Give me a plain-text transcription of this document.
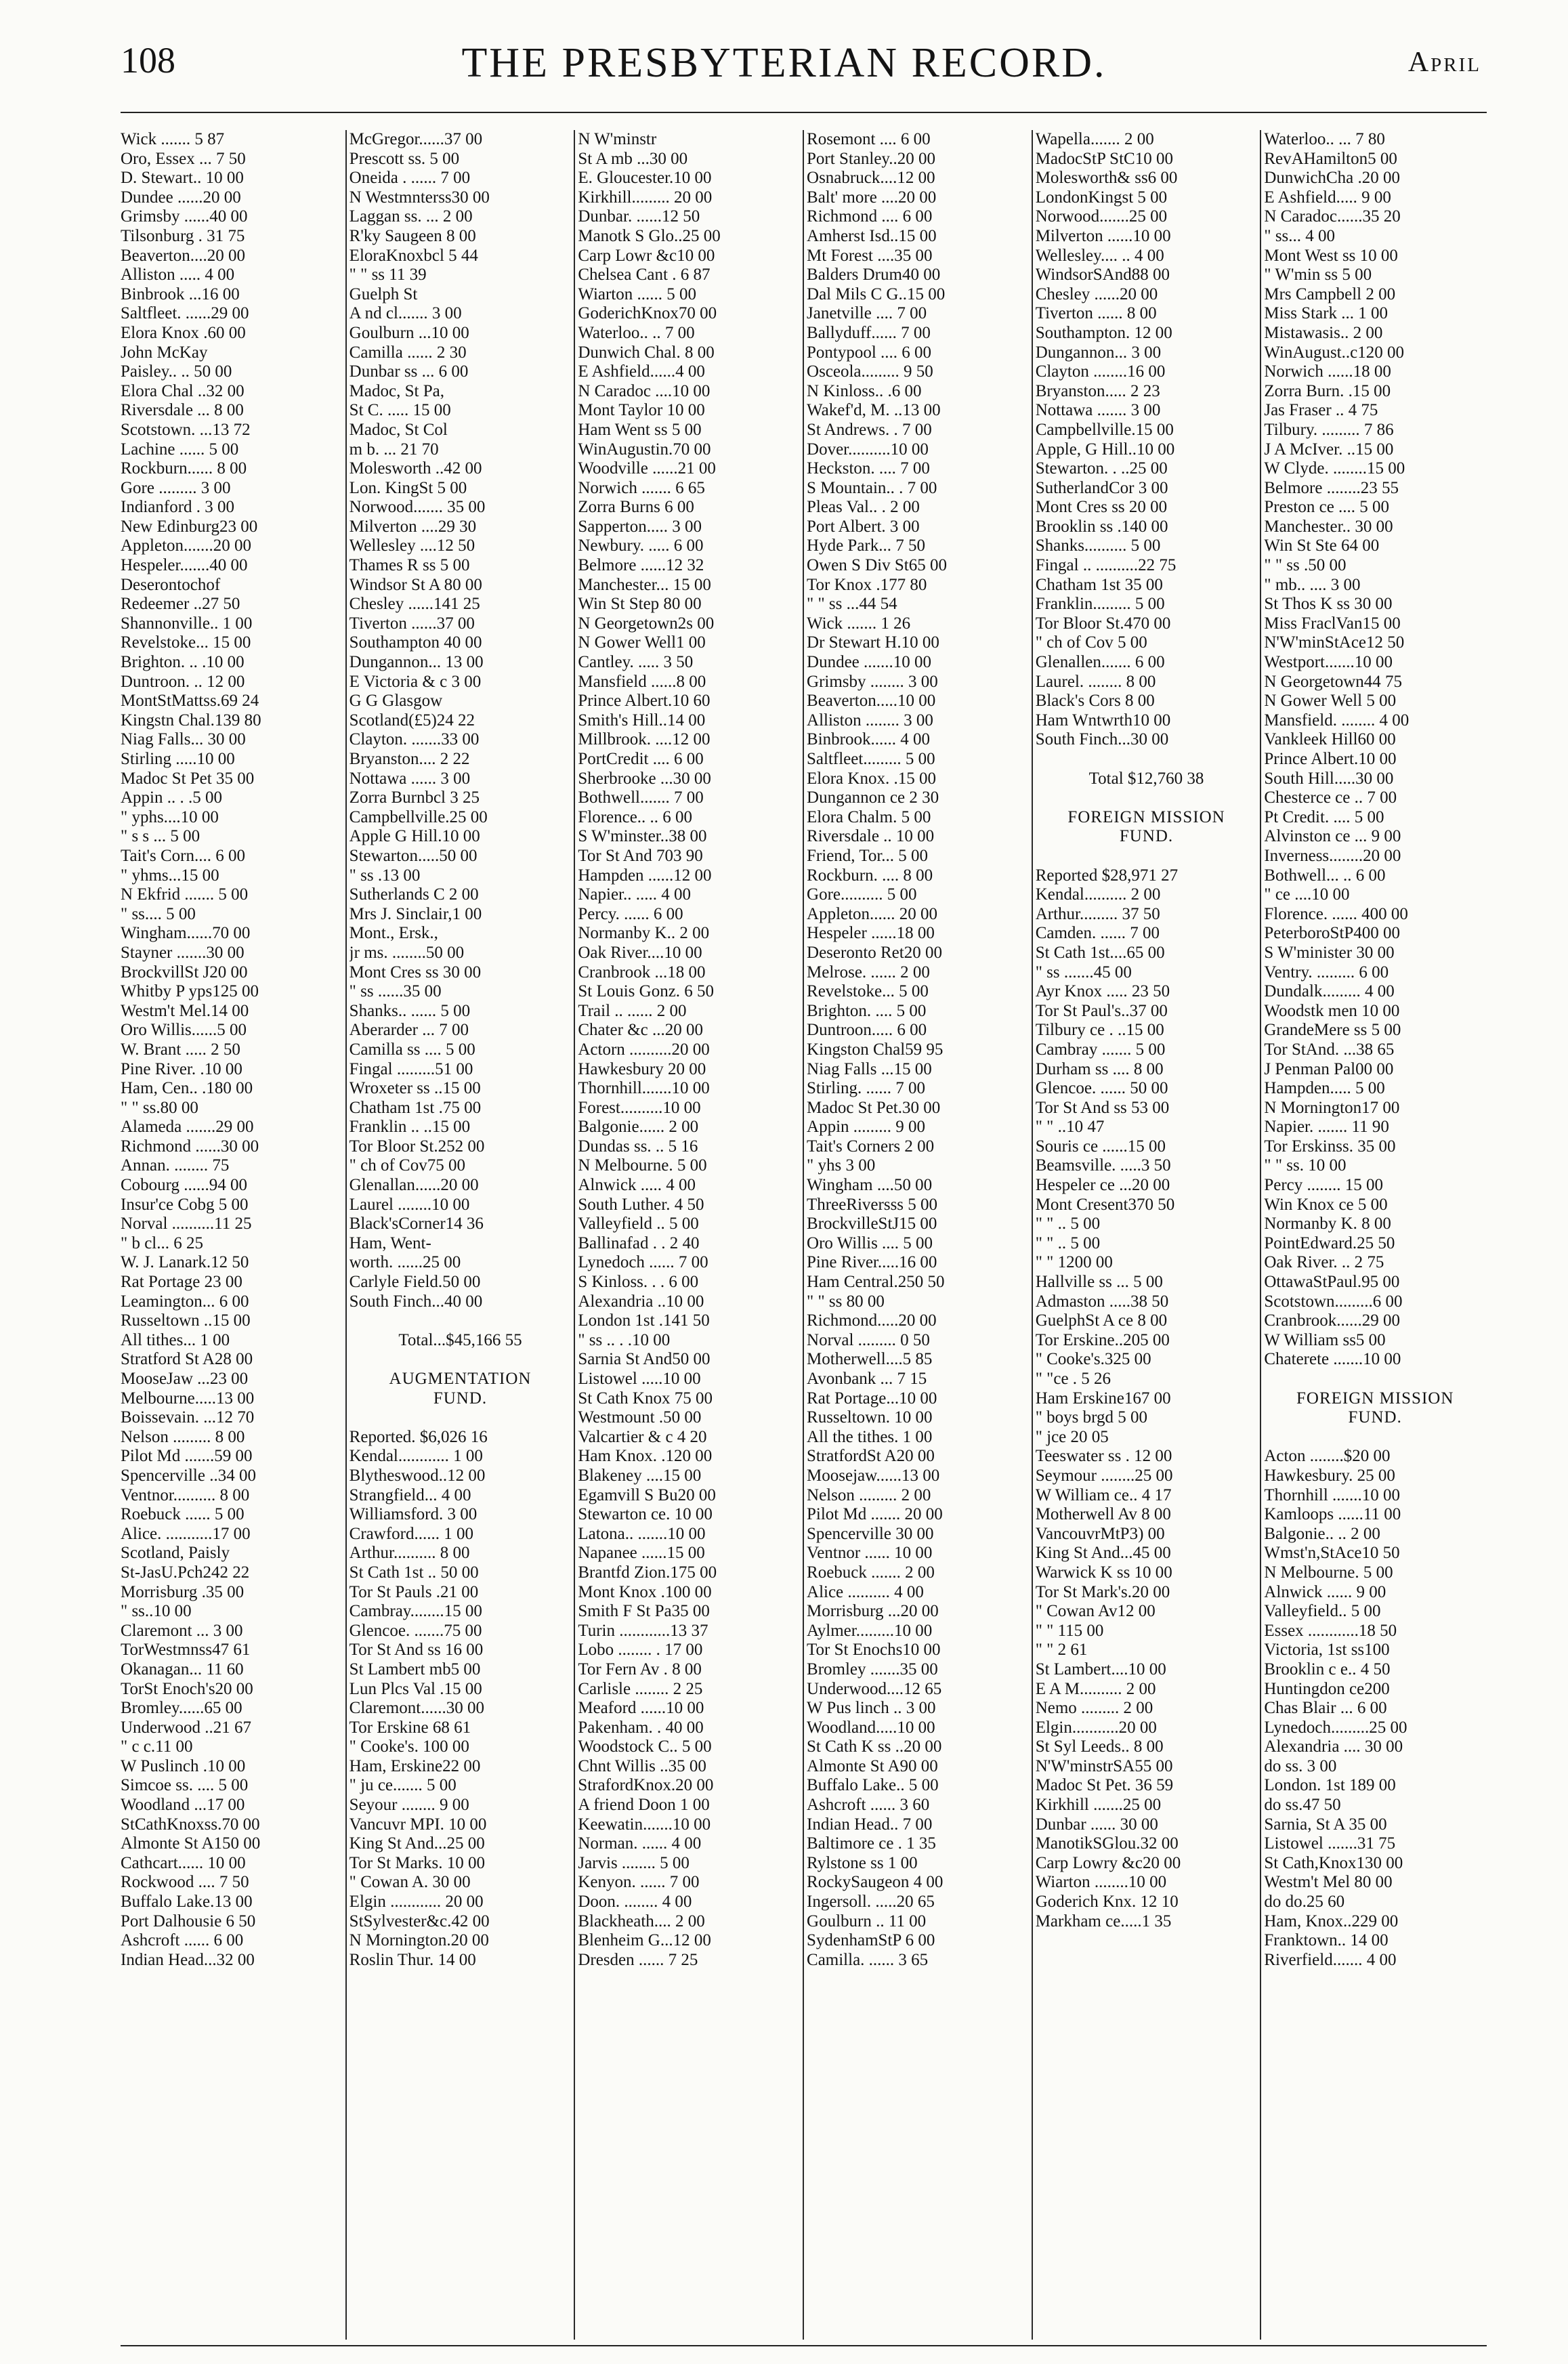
108	THE PRESBYTERIAN RECORD.	April
Wick ....... 5 87
Oro, Essex ... 7 50
D. Stewart.. 10 00
Dundee ......20 00
Grimsby ......40 00
Tilsonburg . 31 75
Beaverton....20 00
Alliston ..... 4 00
Binbrook ...16 00
Saltfleet. ......29 00
Elora Knox .60 00
John McKay
Paisley.. .. 50 00
Elora Chal ..32 00
Riversdale ... 8 00
Scotstown. ...13 72
Lachine ...... 5 00
Rockburn...... 8 00
Gore ......... 3 00
Indianford . 3 00
New Edinburg23 00
Appleton.......20 00
Hespeler.......40 00
Deserontochof
Redeemer ..27 50
Shannonville.. 1 00
Revelstoke... 15 00
Brighton. .. .10 00
Duntroon. .. 12 00
MontStMattss.69 24
Kingstn Chal.139 80
Niag Falls... 30 00
Stirling .....10 00
Madoc St Pet 35 00
Appin .. . .5 00
" yphs....10 00
" s s ... 5 00
Tait's Corn.... 6 00
" yhms...15 00
N Ekfrid ....... 5 00
" ss.... 5 00
Wingham......70 00
Stayner .......30 00
BrockvillSt J20 00
Whitby P yps125 00
Westm't Mel.14 00
Oro Willis......5 00
W. Brant ..... 2 50
Pine River. .10 00
Ham, Cen.. .180 00
" " ss.80 00
Alameda .......29 00
Richmond ......30 00
Annan. ........ 75
Cobourg ......94 00
Insur'ce Cobg 5 00
Norval ..........11 25
" b cl... 6 25
W. J. Lanark.12 50
Rat Portage 23 00
Leamington... 6 00
Russeltown ..15 00
All tithes... 1 00
Stratford St A28 00
MooseJaw ...23 00
Melbourne.....13 00
Boissevain. ...12 70
Nelson ......... 8 00
Pilot Md .......59 00
Spencerville ..34 00
Ventnor.......... 8 00
Roebuck ...... 5 00
Alice. ...........17 00
Scotland, Paisly
St-JasU.Pch242 22
Morrisburg .35 00
" ss..10 00
Claremont ... 3 00
TorWestmnss47 61
Okanagan... 11 60
TorSt Enoch's20 00
Bromley......65 00
Underwood ..21 67
" c c.11 00
W Puslinch .10 00
Simcoe ss. .... 5 00
Woodland ...17 00
StCathKnoxss.70 00
Almonte St A150 00
Cathcart...... 10 00
Rockwood .... 7 50
Buffalo Lake.13 00
Port Dalhousie 6 50
Ashcroft ...... 6 00
Indian Head...32 00
McGregor......37 00
Prescott ss. 5 00
Oneida . ...... 7 00
N Westmnterss30 00
Laggan ss. ... 2 00
R'ky Saugeen 8 00
EloraKnoxbcl 5 44
" " ss 11 39
Guelph St
A nd cl....... 3 00
Goulburn ...10 00
Camilla ...... 2 30
Dunbar ss ... 6 00
Madoc, St Pa,
St C. ..... 15 00
Madoc, St Col
m b. ... 21 70
Molesworth ..42 00
Lon. KingSt 5 00
Norwood....... 35 00
Milverton ....29 30
Wellesley ....12 50
Thames R ss 5 00
Windsor St A 80 00
Chesley ......141 25
Tiverton ......37 00
Southampton 40 00
Dungannon... 13 00
E Victoria & c 3 00
G G Glasgow
Scotland(£5)24 22
Clayton. .......33 00
Bryanston.... 2 22
Nottawa ...... 3 00
Zorra Burnbcl 3 25
Campbellville.25 00
Apple G Hill.10 00
Stewarton.....50 00
" ss .13 00
Sutherlands C 2 00
Mrs J. Sinclair,1 00
Mont., Ersk.,
jr ms. ........50 00
Mont Cres ss 30 00
" ss ......35 00
Shanks.. ...... 5 00
Aberarder ... 7 00
Camilla ss .... 5 00
Fingal .........51 00
Wroxeter ss ..15 00
Chatham 1st .75 00
Franklin .. ..15 00
Tor Bloor St.252 00
" ch of Cov75 00
Glenallan......20 00
Laurel ........10 00
Black'sCorner14 36
Ham, Went-
worth. ......25 00
Carlyle Field.50 00
South Finch...40 00
Total...$45,166 55
AUGMENTATION
FUND.
Reported. $6,026 16
Kendal............ 1 00
Blytheswood..12 00
Strangfield... 4 00
Williamsford. 3 00
Crawford...... 1 00
Arthur.......... 8 00
St Cath 1st .. 50 00
Tor St Pauls .21 00
Cambray........15 00
Glencoe. .......75 00
Tor St And ss 16 00
St Lambert mb5 00
Lun Plcs Val .15 00
Claremont......30 00
Tor Erskine 68 61
" Cooke's. 100 00
Ham, Erskine22 00
" ju ce....... 5 00
Seyour ........ 9 00
Vancuvr MPI. 10 00
King St And...25 00
Tor St Marks. 10 00
" Cowan A. 30 00
Elgin ............ 20 00
StSylvester&c.42 00
N Mornington.20 00
Roslin Thur. 14 00
N W'minstr
St A mb ...30 00
E. Gloucester.10 00
Kirkhill......... 20 00
Dunbar. ......12 50
Manotk S Glo..25 00
Carp Lowr &c10 00
Chelsea Cant . 6 87
Wiarton ...... 5 00
GoderichKnox70 00
Waterloo.. .. 7 00
Dunwich Chal. 8 00
E Ashfield......4 00
N Caradoc ....10 00
Mont Taylor 10 00
Ham Went ss 5 00
WinAugustin.70 00
Woodville ......21 00
Norwich ....... 6 65
Zorra Burns 6 00
Sapperton..... 3 00
Newbury. ..... 6 00
Belmore ......12 32
Manchester... 15 00
Win St Step 80 00
N Georgetown2s 00
N Gower Well1 00
Cantley. ..... 3 50
Mansfield ......8 00
Prince Albert.10 60
Smith's Hill..14 00
Millbrook. ....12 00
PortCredit .... 6 00
Sherbrooke ...30 00
Bothwell....... 7 00
Florence.. .. 6 00
S W'minster..38 00
Tor St And 703 90
Hampden ......12 00
Napier.. ..... 4 00
Percy. ...... 6 00
Normanby K.. 2 00
Oak River....10 00
Cranbrook ...18 00
St Louis Gonz. 6 50
Trail .. ...... 2 00
Chater &c ...20 00
Actorn ..........20 00
Hawkesbury 20 00
Thornhill.......10 00
Forest..........10 00
Balgonie...... 2 00
Dundas ss. .. 5 16
N Melbourne. 5 00
Alnwick ..... 4 00
South Luther. 4 50
Valleyfield .. 5 00
Ballinafad . . 2 40
Lynedoch ...... 7 00
S Kinloss. . . 6 00
Alexandria ..10 00
London 1st .141 50
" ss .. . .10 00
Sarnia St And50 00
Listowel .....10 00
St Cath Knox 75 00
Westmount .50 00
Valcartier & c 4 20
Ham Knox. .120 00
Blakeney ....15 00
Egamvill S Bu20 00
Stewarton ce. 10 00
Latona.. .......10 00
Napanee ......15 00
Brantfd Zion.175 00
Mont Knox .100 00
Smith F St Pa35 00
Turin ............13 37
Lobo ........ . 17 00
Tor Fern Av . 8 00
Carlisle ........ 2 25
Meaford ......10 00
Pakenham. . 40 00
Woodstock C.. 5 00
Chnt Willis ..35 00
StrafordKnox.20 00
A friend Doon 1 00
Keewatin.......10 00
Norman. ...... 4 00
Jarvis ........ 5 00
Kenyon. ...... 7 00
Doon. ........ 4 00
Blackheath.... 2 00
Blenheim G...12 00
Dresden ...... 7 25
Rosemont .... 6 00
Port Stanley..20 00
Osnabruck....12 00
Balt' more ....20 00
Richmond .... 6 00
Amherst Isd..15 00
Mt Forest ....35 00
Balders Drum40 00
Dal Mils C G..15 00
Janetville .... 7 00
Ballyduff...... 7 00
Pontypool .... 6 00
Osceola......... 9 50
N Kinloss.. .6 00
Wakef'd, M. ..13 00
St Andrews. . 7 00
Dover..........10 00
Heckston. .... 7 00
S Mountain.. . 7 00
Pleas Val.. . 2 00
Port Albert. 3 00
Hyde Park... 7 50
Owen S Div St65 00
Tor Knox .177 80
" " ss ...44 54
Wick ....... 1 26
Dr Stewart H.10 00
Dundee .......10 00
Grimsby ........ 3 00
Beaverton.....10 00
Alliston ........ 3 00
Binbrook...... 4 00
Saltfleet......... 5 00
Elora Knox. .15 00
Dungannon ce 2 30
Elora Chalm. 5 00
Riversdale .. 10 00
Friend, Tor... 5 00
Rockburn. .... 8 00
Gore.......... 5 00
Appleton...... 20 00
Hespeler ......18 00
Deseronto Ret20 00
Melrose. ...... 2 00
Revelstoke... 5 00
Brighton. .... 5 00
Duntroon..... 6 00
Kingston Chal59 95
Niag Falls ...15 00
Stirling. ...... 7 00
Madoc St Pet.30 00
Appin ......... 9 00
Tait's Corners 2 00
" yhs 3 00
Wingham ....50 00
ThreeRiversss 5 00
BrockvilleStJ15 00
Oro Willis .... 5 00
Pine River.....16 00
Ham Central.250 50
" " ss 80 00
Richmond.....20 00
Norval ......... 0 50
Motherwell....5 85
Avonbank ... 7 15
Rat Portage...10 00
Russeltown. 10 00
All the tithes. 1 00
StratfordSt A20 00
Moosejaw......13 00
Nelson ......... 2 00
Pilot Md ....... 20 00
Spencerville 30 00
Ventnor ...... 10 00
Roebuck ....... 2 00
Alice .......... 4 00
Morrisburg ...20 00
Aylmer.........10 00
Tor St Enochs10 00
Bromley .......35 00
Underwood....12 65
W Pus linch .. 3 00
Woodland.....10 00
St Cath K ss ..20 00
Almonte St A90 00
Buffalo Lake.. 5 00
Ashcroft ...... 3 60
Indian Head.. 7 00
Baltimore ce . 1 35
Rylstone ss 1 00
RockySaugeon 4 00
Ingersoll. .....20 65
Goulburn .. 11 00
SydenhamStP 6 00
Camilla. ...... 3 65
Wapella....... 2 00
MadocStP StC10 00
Molesworth& ss6 00
LondonKingst 5 00
Norwood.......25 00
Milverton ......10 00
Wellesley.... .. 4 00
WindsorSAnd88 00
Chesley ......20 00
Tiverton ...... 8 00
Southampton. 12 00
Dungannon... 3 00
Clayton ........16 00
Bryanston..... 2 23
Nottawa ....... 3 00
Campbellville.15 00
Apple, G Hill..10 00
Stewarton. . ..25 00
SutherlandCor 3 00
Mont Cres ss 20 00
Brooklin ss .140 00
Shanks.......... 5 00
Fingal .. ..........22 75
Chatham 1st 35 00
Franklin......... 5 00
Tor Bloor St.470 00
" ch of Cov 5 00
Glenallen....... 6 00
Laurel. ........ 8 00
Black's Cors 8 00
Ham Wntwrth10 00
South Finch...30 00
Total $12,760 38
FOREIGN MISSION
FUND.
Reported $28,971 27
Kendal.......... 2 00
Arthur......... 37 50
Camden. ...... 7 00
St Cath 1st....65 00
" ss .......45 00
Ayr Knox ..... 23 50
Tor St Paul's..37 00
Tilbury ce . ..15 00
Cambray ....... 5 00
Durham ss .... 8 00
Glencoe. ...... 50 00
Tor St And ss 53 00
" " ..10 47
Souris ce ......15 00
Beamsville. .....3 50
Hespeler ce ...20 00
Mont Cresent370 50
" " .. 5 00
" " .. 5 00
" " 1200 00
Hallville ss ... 5 00
Admaston .....38 50
GuelphSt A ce 8 00
Tor Erskine..205 00
" Cooke's.325 00
" "ce . 5 26
Ham Erskine167 00
" boys brgd 5 00
" jce 20 05
Teeswater ss . 12 00
Seymour ........25 00
W William ce.. 4 17
Motherwell Av 8 00
VancouvrMtP3) 00
King St And...45 00
Warwick K ss 10 00
Tor St Mark's.20 00
" Cowan Av12 00
" " 115 00
" " 2 61
St Lambert....10 00
E A M.......... 2 00
Nemo ......... 2 00
Elgin...........20 00
St Syl Leeds.. 8 00
N'W'minstrSA55 00
Madoc St Pet. 36 59
Kirkhill .......25 00
Dunbar ...... 30 00
ManotikSGlou.32 00
Carp Lowry &c20 00
Wiarton ........10 00
Goderich Knx. 12 10
Markham ce.....1 35
Waterloo.. ... 7 80
RevAHamilton5 00
DunwichCha .20 00
E Ashfield..... 9 00
N Caradoc......35 20
" ss... 4 00
Mont West ss 10 00
" W'min ss 5 00
Mrs Campbell 2 00
Miss Stark ... 1 00
Mistawasis.. 2 00
WinAugust..c120 00
Norwich ......18 00
Zorra Burn. .15 00
Jas Fraser .. 4 75
Tilbury. ......... 7 86
J A McIver. ..15 00
W Clyde. ........15 00
Belmore ........23 55
Preston ce .... 5 00
Manchester.. 30 00
Win St Ste 64 00
" " ss .50 00
" mb.. .... 3 00
St Thos K ss 30 00
Miss FraclVan15 00
N'W'minStAce12 50
Westport.......10 00
N Georgetown44 75
N Gower Well 5 00
Mansfield. ........ 4 00
Vankleek Hill60 00
Prince Albert.10 00
South Hill.....30 00
Chesterce ce .. 7 00
Pt Credit. .... 5 00
Alvinston ce ... 9 00
Inverness........20 00
Bothwell... .. 6 00
" ce ....10 00
Florence. ...... 400 00
PeterboroStP400 00
S W'minister 30 00
Ventry. ......... 6 00
Dundalk......... 4 00
Woodstk men 10 00
GrandeMere ss 5 00
Tor StAnd. ...38 65
J Penman Pal00 00
Hampden..... 5 00
N Mornington17 00
Napier. ....... 11 90
Tor Erskinss. 35 00
" " ss. 10 00
Percy ........ 15 00
Win Knox ce 5 00
Normanby K. 8 00
PointEdward.25 50
Oak River. .. 2 75
OttawaStPaul.95 00
Scotstown.........6 00
Cranbrook......29 00
W William ss5 00
Chaterete .......10 00
FOREIGN MISSION
FUND.
Acton ........$20 00
Hawkesbury. 25 00
Thornhill .......10 00
Kamloops ......11 00
Balgonie.. .. 2 00
Wmst'n,StAce10 50
N Melbourne. 5 00
Alnwick ...... 9 00
Valleyfield.. 5 00
Essex ............18 50
Victoria, 1st ss100
Brooklin c e.. 4 50
Huntingdon ce200
Chas Blair ... 6 00
Lynedoch.........25 00
Alexandria .... 30 00
do ss. 3 00
London. 1st 189 00
do ss.47 50
Sarnia, St A 35 00
Listowel .......31 75
St Cath,Knox130 00
Westm't Mel 80 00
do do.25 60
Ham, Knox..229 00
Franktown.. 14 00
Riverfield....... 4 00
